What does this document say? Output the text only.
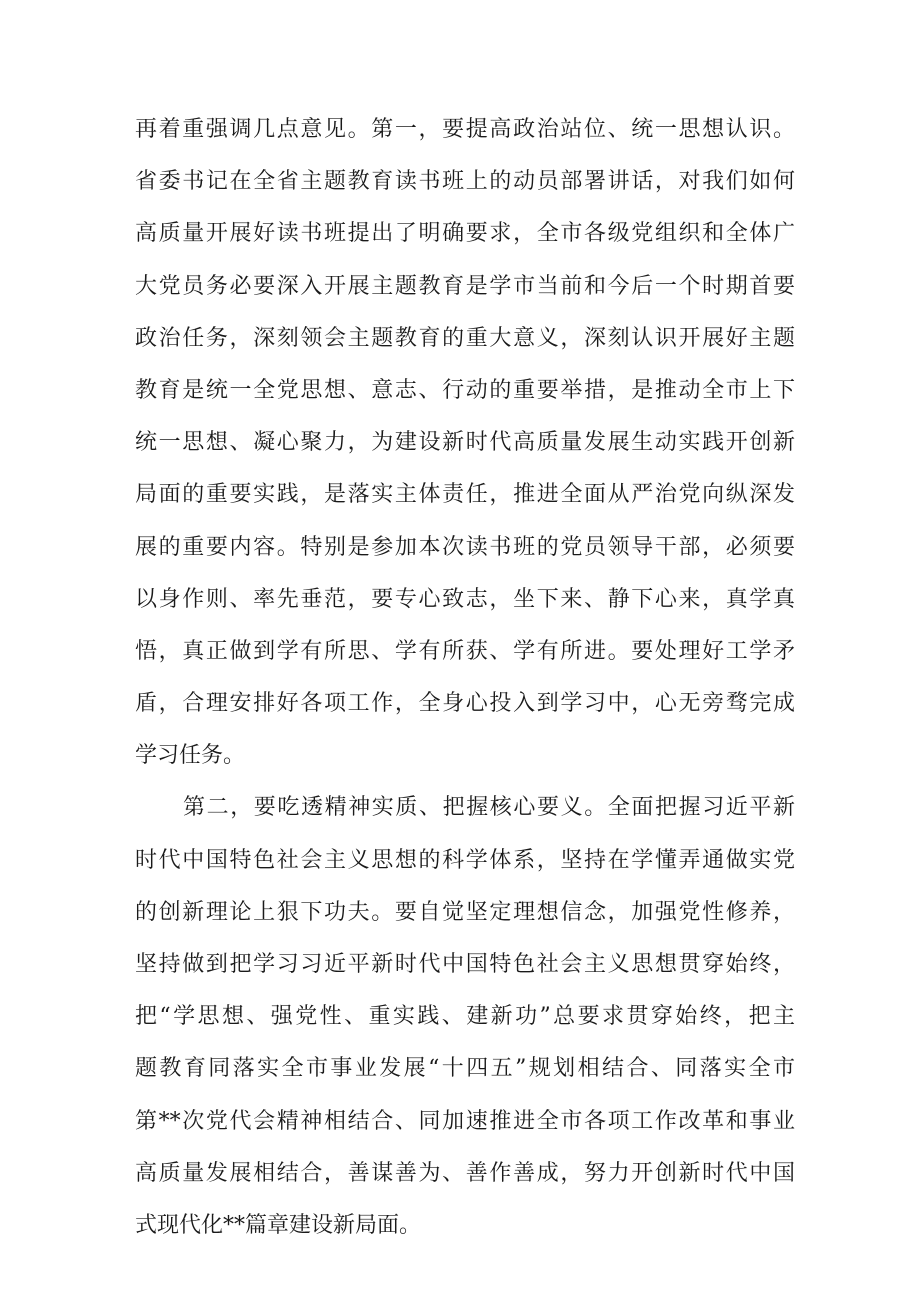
再着重强调几点意见。第一，要提高政治站位、统一思想认识。
省委书记在全省主题教育读书班上的动员部署讲话，对我们如何
高质量开展好读书班提出了明确要求，全市各级党组织和全体广
大党员务必要深入开展主题教育是学市当前和今后一个时期首要
政治任务，深刻领会主题教育的重大意义，深刻认识开展好主题
教育是统一全党思想、意志、行动的重要举措，是推动全市上下
统一思想、凝心聚力，为建设新时代高质量发展生动实践开创新
局面的重要实践，是落实主体责任，推进全面从严治党向纵深发
展的重要内容。特别是参加本次读书班的党员领导干部，必须要
以身作则、率先垂范，要专心致志，坐下来、静下心来，真学真
悟，真正做到学有所思、学有所获、学有所进。要处理好工学矛
盾，合理安排好各项工作，全身心投入到学习中，心无旁骛完成
学习任务。
第二，要吃透精神实质、把握核心要义。全面把握习近平新
时代中国特色社会主义思想的科学体系，坚持在学懂弄通做实党
的创新理论上狠下功夫。要自觉坚定理想信念，加强党性修养，
坚持做到把学习习近平新时代中国特色社会主义思想贯穿始终，
把“学思想、强党性、重实践、建新功”总要求贯穿始终，把主
题教育同落实全市事业发展“十四五”规划相结合、同落实全市
第**次党代会精神相结合、同加速推进全市各项工作改革和事业
高质量发展相结合，善谋善为、善作善成，努力开创新时代中国
式现代化**篇章建设新局面。
